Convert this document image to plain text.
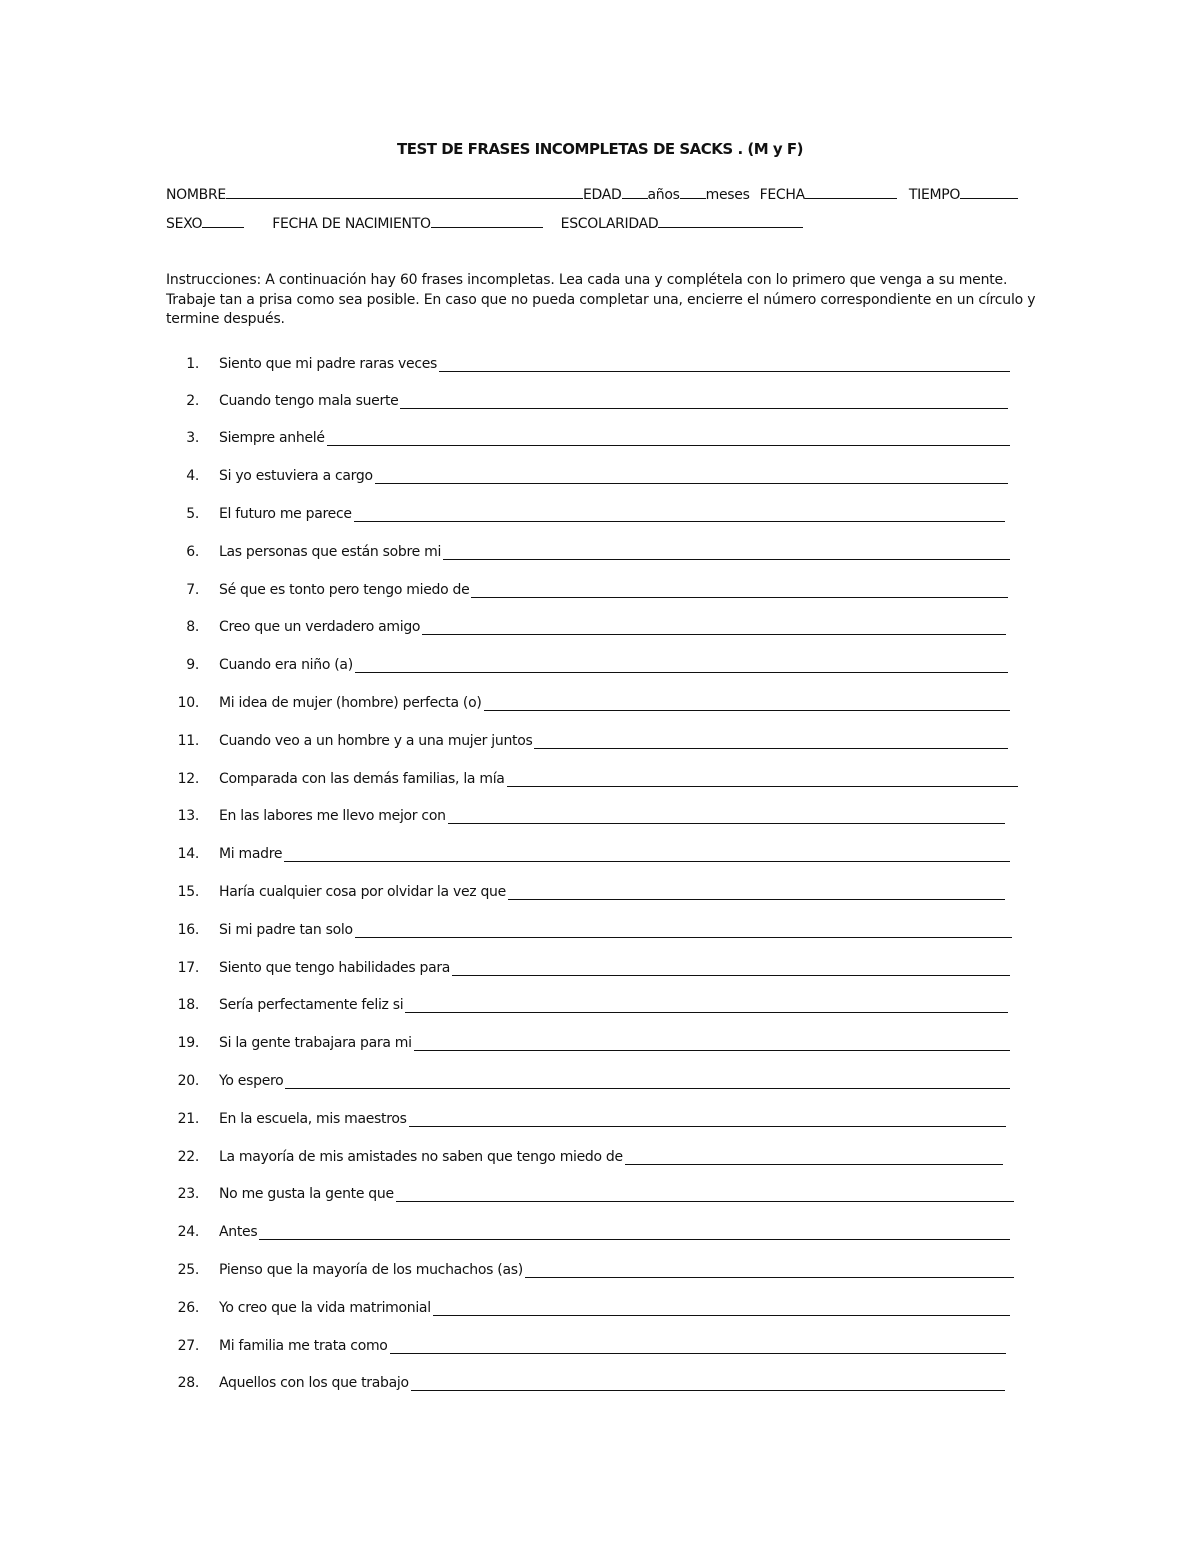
TEST DE FRASES INCOMPLETAS DE SACKS . (M y F)
NOMBRE	EDAD años meses FECHA	TIEMPO
SEXO	FECHA DE NACIMIENTO	ESCOLARIDAD
Instrucciones: A continuación hay 60 frases incompletas. Lea cada una y complétela con lo primero que venga a su mente. Trabaje tan a prisa como sea posible. En caso que no pueda completar una, encierre el número correspondiente en un círculo y termine después.
1. Siento que mi padre raras veces
2. Cuando tengo mala suerte
3. Siempre anhelé
4. Si yo estuviera a cargo
5. El futuro me parece
6. Las personas que están sobre mi
7. Sé que es tonto pero tengo miedo de
8. Creo que un verdadero amigo
9. Cuando era niño (a)
10. Mi idea de mujer (hombre) perfecta (o)
11. Cuando veo a un hombre y a una mujer juntos
12. Comparada con las demás familias, la mía
13. En las labores me llevo mejor con
14. Mi madre
15. Haría cualquier cosa por olvidar la vez que
16. Si mi padre tan solo
17. Siento que tengo habilidades para
18. Sería perfectamente feliz si
19. Si la gente trabajara para mi
20. Yo espero
21. En la escuela, mis maestros
22. La mayoría de mis amistades no saben que tengo miedo de
23. No me gusta la gente que
24. Antes
25. Pienso que la mayoría de los muchachos (as)
26. Yo creo que la vida matrimonial
27. Mi familia me trata como
28. Aquellos con los que trabajo
